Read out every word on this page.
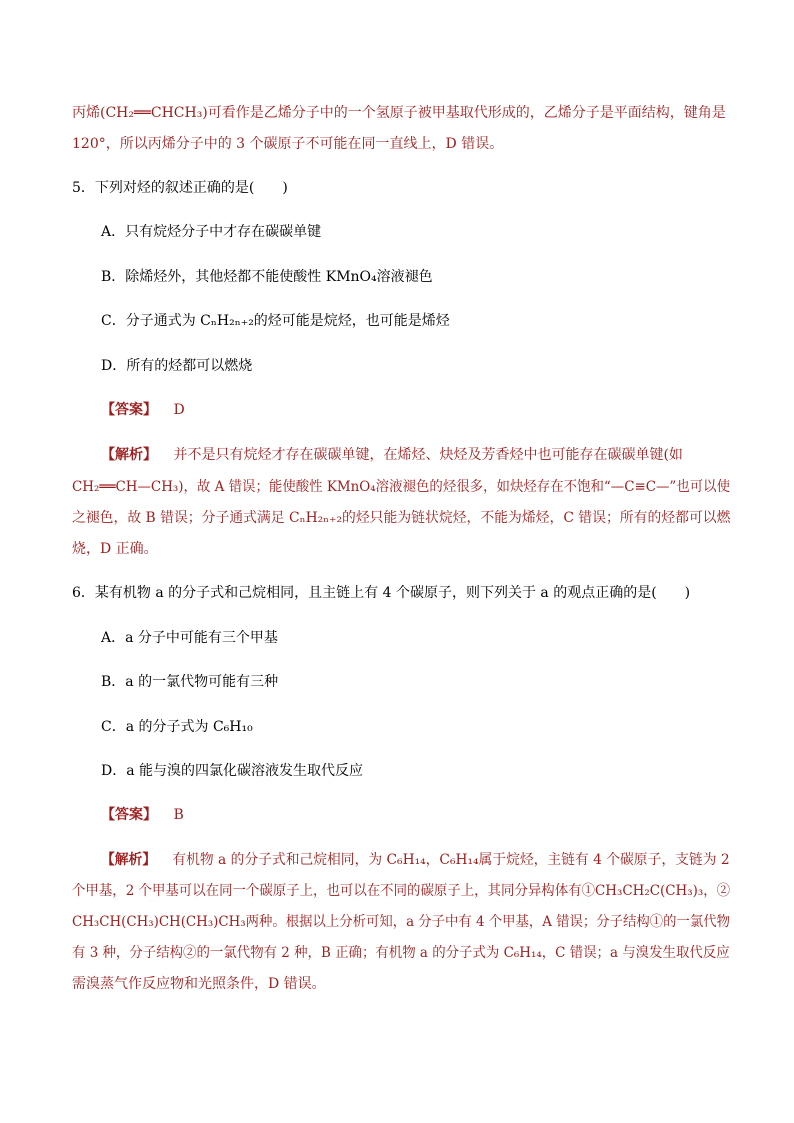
丙烯(CH₂══CHCH₃)可看作是乙烯分子中的一个氢原子被甲基取代形成的，乙烯分子是平面结构，键角是
120°，所以丙烯分子中的 3 个碳原子不可能在同一直线上，D 错误。
5．下列对烃的叙述正确的是(　　)
A．只有烷烃分子中才存在碳碳单键
B．除烯烃外，其他烃都不能使酸性 KMnO₄溶液褪色
C．分子通式为 CₙH₂ₙ₊₂的烃可能是烷烃，也可能是烯烃
D．所有的烃都可以燃烧
【答案】 D
【解析】 并不是只有烷烃才存在碳碳单键，在烯烃、炔烃及芳香烃中也可能存在碳碳单键(如
CH₂══CH—CH₃)，故 A 错误；能使酸性 KMnO₄溶液褪色的烃很多，如炔烃存在不饱和“—C≡C—”也可以使
之褪色，故 B 错误；分子通式满足 CₙH₂ₙ₊₂的烃只能为链状烷烃，不能为烯烃，C 错误；所有的烃都可以燃
烧，D 正确。
6．某有机物 a 的分子式和己烷相同，且主链上有 4 个碳原子，则下列关于 a 的观点正确的是(　　)
A．a 分子中可能有三个甲基
B．a 的一氯代物可能有三种
C．a 的分子式为 C₆H₁₀
D．a 能与溴的四氯化碳溶液发生取代反应
【答案】 B
【解析】 有机物 a 的分子式和己烷相同，为 C₆H₁₄，C₆H₁₄属于烷烃，主链有 4 个碳原子，支链为 2
个甲基，2 个甲基可以在同一个碳原子上，也可以在不同的碳原子上，其同分异构体有①CH₃CH₂C(CH₃)₃，②
CH₃CH(CH₃)CH(CH₃)CH₃两种。根据以上分析可知，a 分子中有 4 个甲基，A 错误；分子结构①的一氯代物
有 3 种，分子结构②的一氯代物有 2 种，B 正确；有机物 a 的分子式为 C₆H₁₄，C 错误；a 与溴发生取代反应
需溴蒸气作反应物和光照条件，D 错误。
